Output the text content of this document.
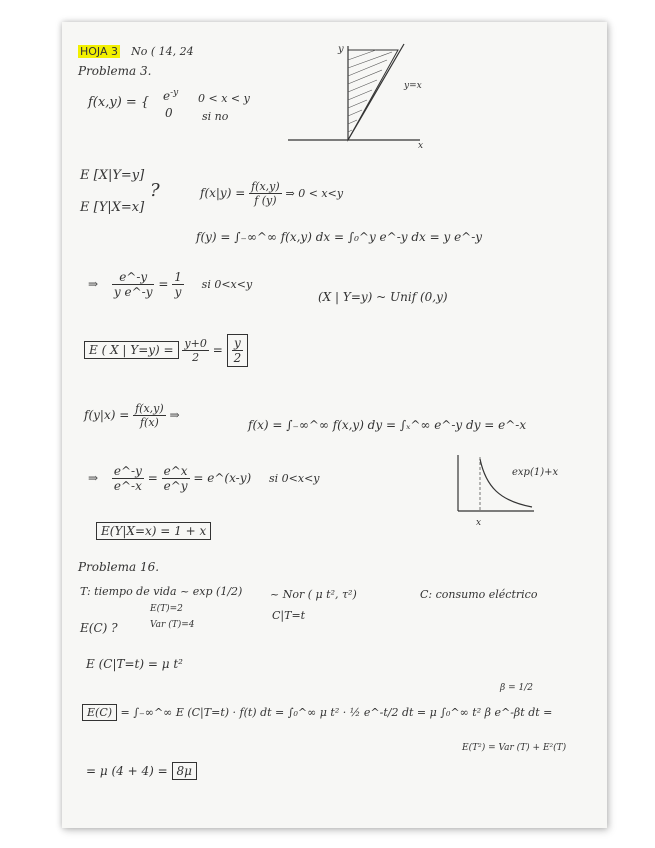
HOJA 3 No ( 14, 24
Problema 3.
f(x,y) = { $e^{-y}$ 0 < x < y
0	si no
y
y=x
x
E [X|Y=y]
E [Y|X=x]
?	$f(x|y) = \frac{f(x,y)}{f (y)}$ ⇒ 0 < x<y
f(y) = ∫₋∞^∞ f(x,y) dx = ∫₀^y e^-y dx = y e^-y
⇒ $\frac{e\^{}-y}{\text{y e\textasciicircum{}-y}} = \frac{1}{y}$ si 0<x<y
(X | Y=y) ~ Unif (0,y)
E ( X | $Y=y) = \frac{y+0}{2} = \frac{y}{2}$
$f(y|x) = \frac{f(x,y)}{f(x)}$ ⇒
f(x) = ∫₋∞^∞ f(x,y) dy = ∫ₓ^∞ e^-y dy = e^-x
⇒ $\frac{e\^{}-y}{e\^{}-x} = \frac{e\^{}x}{e\^{}y}$ = e^(x-y) si 0<x<y	exp(1)+x
x
E(Y|X=x) = 1 + x
Problema 16.
T: tiempo de vida ~ exp (1/2)	~ Nor ( μ t², τ²)
C|T=t
C: consumo eléctrico
E(T)=2
Var (T)=4
E(C) ?
E (C|T=t) = μ t²
β = 1/2
E(C) = ∫₋∞^∞ E (C|T=t) · f(t) dt = ∫₀^∞ μ t² · ½ e^-t/2 dt = μ ∫₀^∞ t² β e^-βt dt =
E(T²) = Var (T) + E²(T)
= μ (4 + 4) = 8μ
